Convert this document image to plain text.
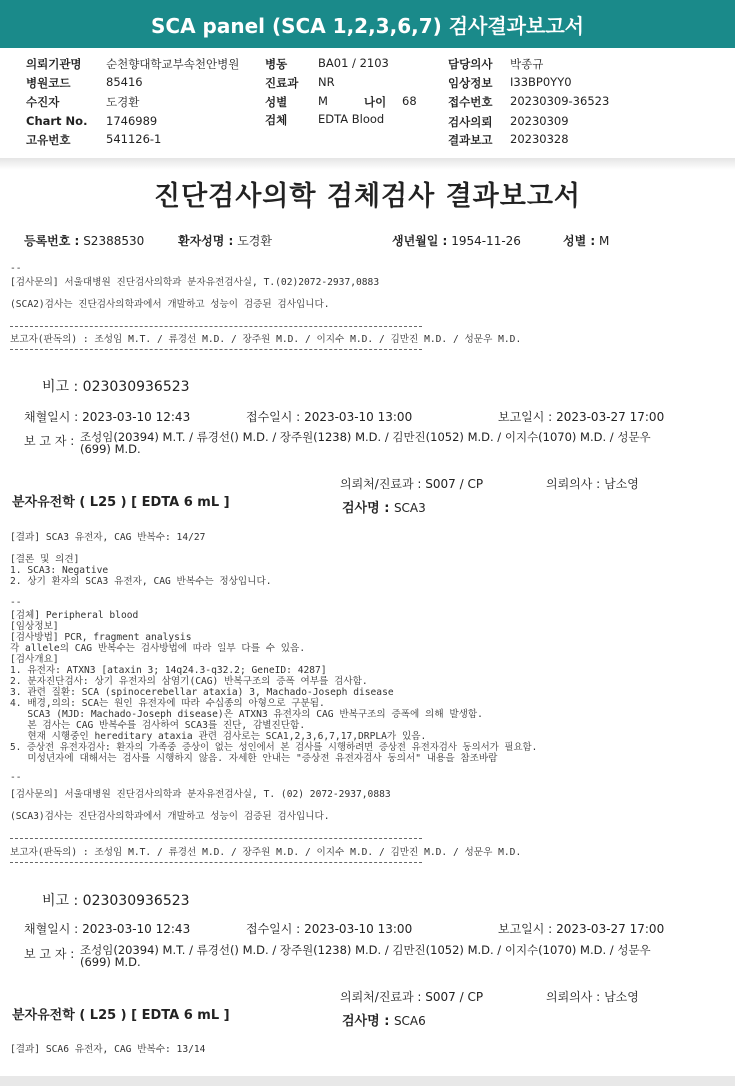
SCA panel (SCA 1,2,3,6,7) 검사결과보고서
의뢰기관명 순천향대학교부속천안병원 병동	BA01 / 2103	담당의사 박종규
병원코드	85416	진료과 NR	임상정보 I33BP0YY0
수진자	도경환	성별	M	나이 68	접수번호 20230309-36523
Chart No. 1746989	검체	EDTA Blood	검사의뢰 20230309
고유번호	541126-1	결과보고 20230328
진단검사의학 검체검사 결과보고서
등록번호 : S2388530	환자성명 : 도경환	생년월일 : 1954-11-26	성별 : M
--
[검사문의] 서울대병원 진단검사의학과 분자유전검사실, T.(02)2072-2937,0883
(SCA2)검사는 진단검사의학과에서 개발하고 성능이 검증된 검사입니다.
보고자(판독의) : 조성임 M.T. / 류경선 M.D. / 장주원 M.D. / 이지수 M.D. / 김만진 M.D. / 성문우 M.D.
비고 : 023030936523
채혈일시 : 2023-03-10 12:43	접수일시 : 2023-03-10 13:00	보고일시 : 2023-03-27 17:00
보 고 자 : 조성임(20394) M.T. / 류경선() M.D. / 장주원(1238) M.D. / 김만진(1052) M.D. / 이지수(1070) M.D. / 성문우
(699) M.D.
의뢰처/진료과 : S007 / CP	의뢰의사 : 남소영
분자유전학 ( L25 ) [ EDTA 6 mL ]	검사명 : SCA3
[결과] SCA3 유전자, CAG 반복수: 14/27
[결론 및 의견]
1. SCA3: Negative
2. 상기 환자의 SCA3 유전자, CAG 반복수는 정상입니다.
--
[검체] Peripheral blood
[임상정보]
[검사방법] PCR, fragment analysis
각 allele의 CAG 반복수는 검사방법에 따라 일부 다를 수 있음.
[검사개요]
1. 유전자: ATXN3 [ataxin 3; 14q24.3-q32.2; GeneID: 4287]
2. 분자진단검사: 상기 유전자의 삼염기(CAG) 반복구조의 증폭 여부를 검사함.
3. 관련 질환: SCA (spinocerebellar ataxia) 3, Machado-Joseph disease
4. 배경,의의: SCA는 원인 유전자에 따라 수십종의 아형으로 구분됨.
SCA3 (MJD: Machado-Joseph disease)은 ATXN3 유전자의 CAG 반복구조의 증폭에 의해 발생함.
본 검사는 CAG 반복수를 검사하여 SCA3를 진단, 감별진단함.
현재 시행중인 hereditary ataxia 관련 검사로는 SCA1,2,3,6,7,17,DRPLA가 있음.
5. 증상전 유전자검사: 환자의 가족중 증상이 없는 성인에서 본 검사를 시행하려면 증상전 유전자검사 동의서가 필요함.
미성년자에 대해서는 검사를 시행하지 않음. 자세한 안내는 "증상전 유전자검사 동의서" 내용을 참조바람
--
[검사문의] 서울대병원 진단검사의학과 분자유전검사실, T. (02) 2072-2937,0883
(SCA3)검사는 진단검사의학과에서 개발하고 성능이 검증된 검사입니다.
보고자(판독의) : 조성임 M.T. / 류경선 M.D. / 장주원 M.D. / 이지수 M.D. / 김만진 M.D. / 성문우 M.D.
비고 : 023030936523
채혈일시 : 2023-03-10 12:43	접수일시 : 2023-03-10 13:00	보고일시 : 2023-03-27 17:00
보 고 자 : 조성임(20394) M.T. / 류경선() M.D. / 장주원(1238) M.D. / 김만진(1052) M.D. / 이지수(1070) M.D. / 성문우
(699) M.D.
의뢰처/진료과 : S007 / CP	의뢰의사 : 남소영
분자유전학 ( L25 ) [ EDTA 6 mL ]	검사명 : SCA6
[결과] SCA6 유전자, CAG 반복수: 13/14
